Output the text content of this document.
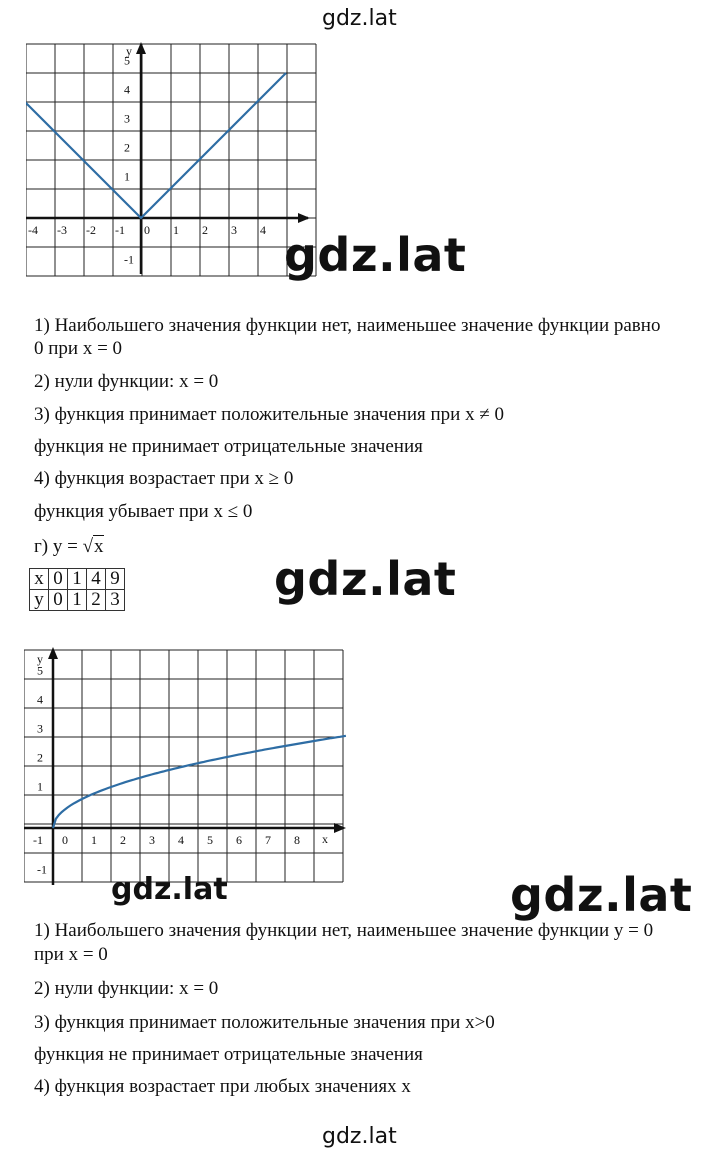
gdz.lat
y
-4 -3 -2 -1 0 1 2 3 4
5
4
3
2
1
-1	gdz.lat
1) Наибольшего значения функции нет, наименьшее значение функции равно
0 при x = 0
2) нули функции: x = 0
3) функция принимает положительные значения при x ≠ 0
функция не принимает отрицательные значения
4) функция возрастает при x ≥ 0
функция убывает при x ≤ 0
г) y = √x
x	0	1	4	9
y	0	1	2	3	gdz.lat
y
x
-1 0 1 2 3 4 5 6 7 8
5
4
3
2
1
-1
gdz.lat	gdz.lat
1) Наибольшего значения функции нет, наименьшее значение функции y = 0
при x = 0
2) нули функции: x = 0
3) функция принимает положительные значения при x>0
функция не принимает отрицательные значения
4) функция возрастает при любых значениях x
gdz.lat
